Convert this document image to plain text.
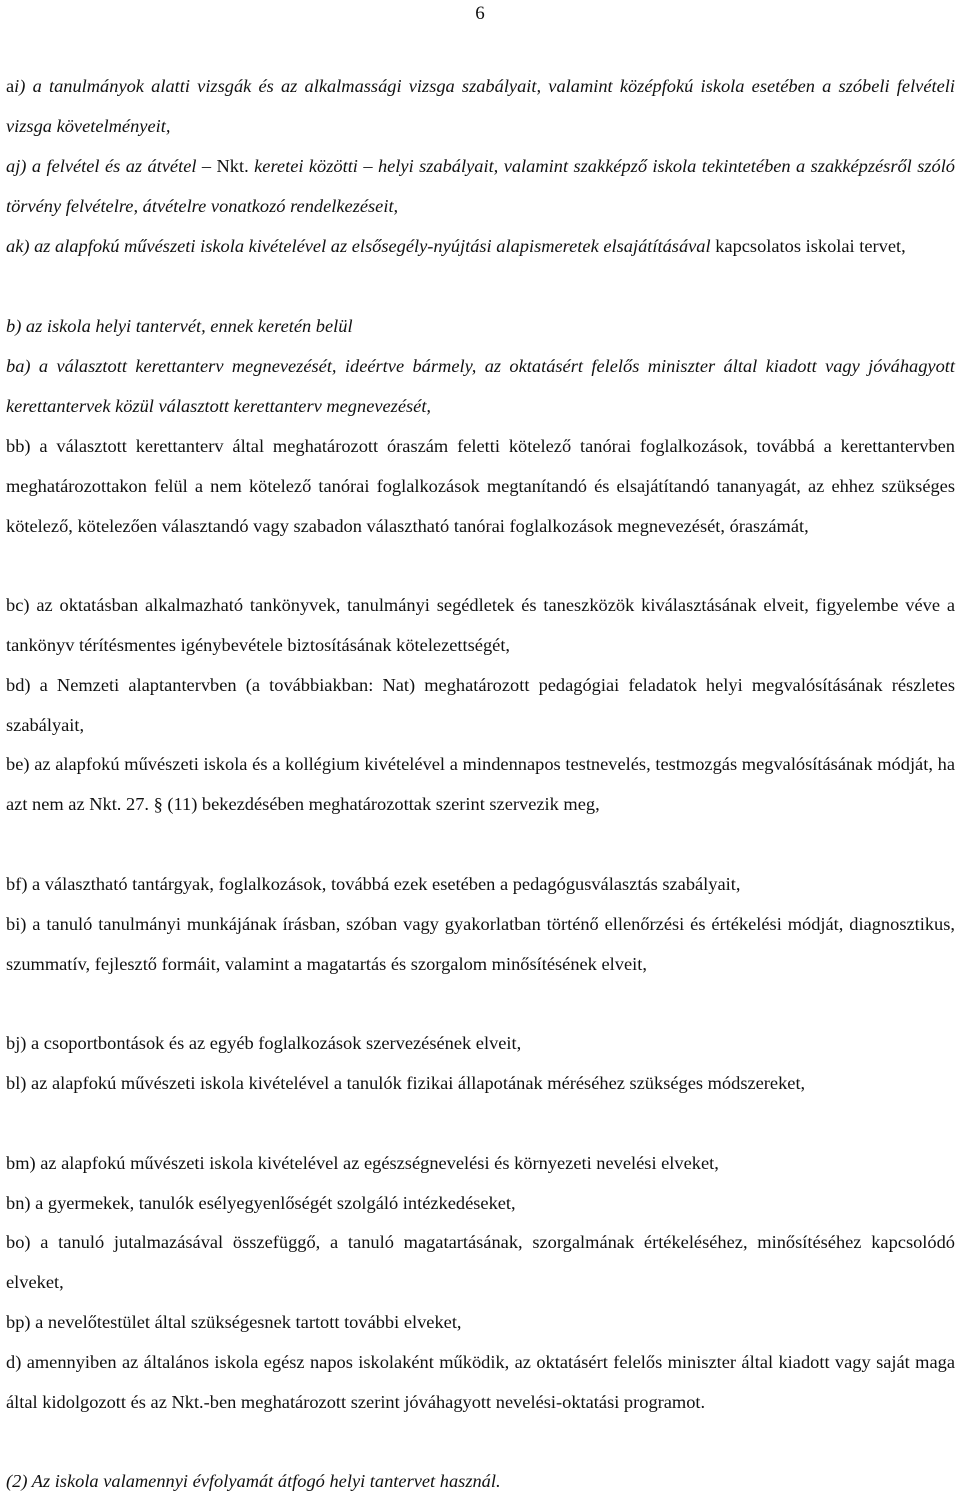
6
ai) a tanulmányok alatti vizsgák és az alkalmassági vizsga szabályait, valamint középfokú iskola esetében a szóbeli felvételi vizsga követelményeit,
aj) a felvétel és az átvétel – Nkt. keretei közötti – helyi szabályait, valamint szakképző iskola tekintetében a szakképzésről szóló törvény felvételre, átvételre vonatkozó rendelkezéseit,
ak) az alapfokú művészeti iskola kivételével az elsősegély-nyújtási alapismeretek elsajátításával kapcsolatos iskolai tervet,
b) az iskola helyi tantervét, ennek keretén belül
ba) a választott kerettanterv megnevezését, ideértve bármely, az oktatásért felelős miniszter által kiadott vagy jóváhagyott kerettantervek közül választott kerettanterv megnevezését,
bb) a választott kerettanterv által meghatározott óraszám feletti kötelező tanórai foglalkozások, továbbá a kerettantervben meghatározottakon felül a nem kötelező tanórai foglalkozások megtanítandó és elsajátítandó tananyagát, az ehhez szükséges kötelező, kötelezően választandó vagy szabadon választható tanórai foglalkozások megnevezését, óraszámát,
bc) az oktatásban alkalmazható tankönyvek, tanulmányi segédletek és taneszközök kiválasztásának elveit, figyelembe véve a tankönyv térítésmentes igénybevétele biztosításának kötelezettségét,
bd) a Nemzeti alaptantervben (a továbbiakban: Nat) meghatározott pedagógiai feladatok helyi megvalósításának részletes szabályait,
be) az alapfokú művészeti iskola és a kollégium kivételével a mindennapos testnevelés, testmozgás megvalósításának módját, ha azt nem az Nkt. 27. § (11) bekezdésében meghatározottak szerint szervezik meg,
bf) a választható tantárgyak, foglalkozások, továbbá ezek esetében a pedagógusválasztás szabályait,
bi) a tanuló tanulmányi munkájának írásban, szóban vagy gyakorlatban történő ellenőrzési és értékelési módját, diagnosztikus, szummatív, fejlesztő formáit, valamint a magatartás és szorgalom minősítésének elveit,
bj) a csoportbontások és az egyéb foglalkozások szervezésének elveit,
bl) az alapfokú művészeti iskola kivételével a tanulók fizikai állapotának méréséhez szükséges módszereket,
bm) az alapfokú művészeti iskola kivételével az egészségnevelési és környezeti nevelési elveket,
bn) a gyermekek, tanulók esélyegyenlőségét szolgáló intézkedéseket,
bo) a tanuló jutalmazásával összefüggő, a tanuló magatartásának, szorgalmának értékeléséhez, minősítéséhez kapcsolódó elveket,
bp) a nevelőtestület által szükségesnek tartott további elveket,
d) amennyiben az általános iskola egész napos iskolaként működik, az oktatásért felelős miniszter által kiadott vagy saját maga által kidolgozott és az Nkt.-ben meghatározott szerint jóváhagyott nevelési-oktatási programot.
(2) Az iskola valamennyi évfolyamát átfogó helyi tantervet használ.
